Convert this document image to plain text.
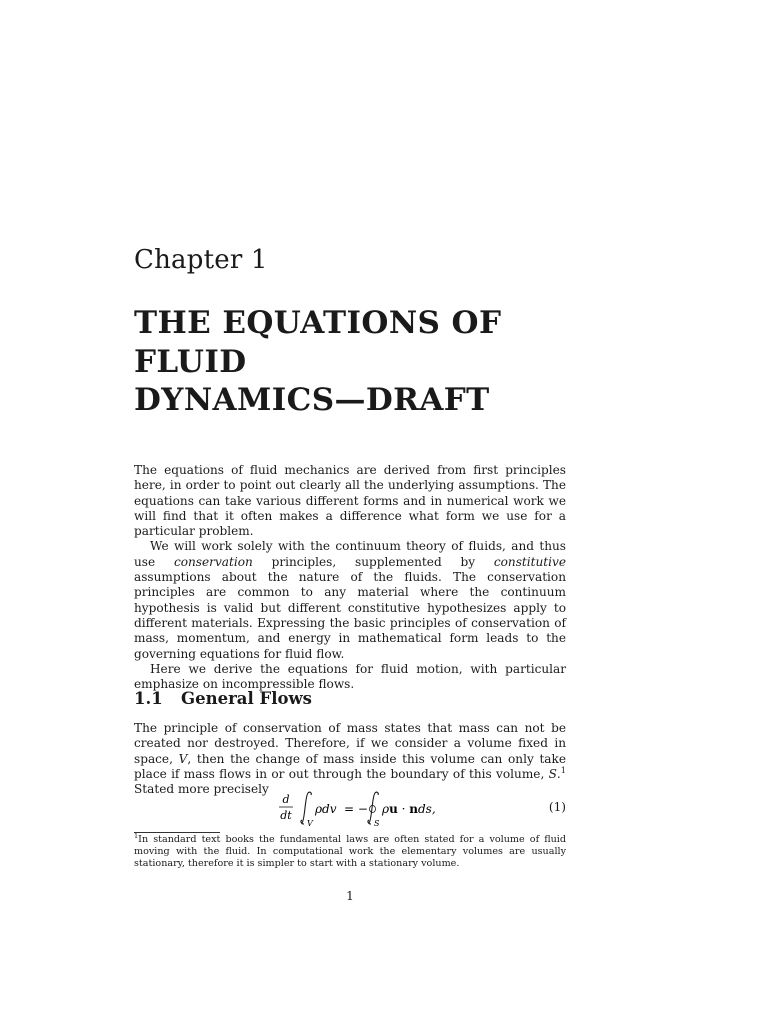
Chapter 1
THE EQUATIONS OF
FLUID
DYNAMICS—DRAFT

The equations of fluid mechanics are derived from first principles here, in order to point out clearly all the underlying assumptions. The equations can take various different forms and in numerical work we will find that it often makes a difference what form we use for a particular problem.

We will work solely with the continuum theory of fluids, and thus use conservation principles, supplemented by constitutive assumptions about the nature of the fluids. The conservation principles are common to any material where the continuum hypothesis is valid but different constitutive hypothesizes apply to different materials. Expressing the basic principles of conservation of mass, momentum, and energy in mathematical form leads to the governing equations for fluid flow.

Here we derive the equations for fluid motion, with particular emphasize on incompressible flows.

1.1 General Flows

The principle of conservation of mass states that mass can not be created nor destroyed. Therefore, if we consider a volume fixed in space, V, then the change of mass inside this volume can only take place if mass flows in or out through the boundary of this volume, S.$^1$ Stated more precisely

d
dt
V
ρdv = −
S
ρu · nds,	(1)

$^1$In standard text books the fundamental laws are often stated for a volume of fluid moving with the fluid. In computational work the elementary volumes are usually stationary, therefore it is simpler to start with a stationary volume.

1
